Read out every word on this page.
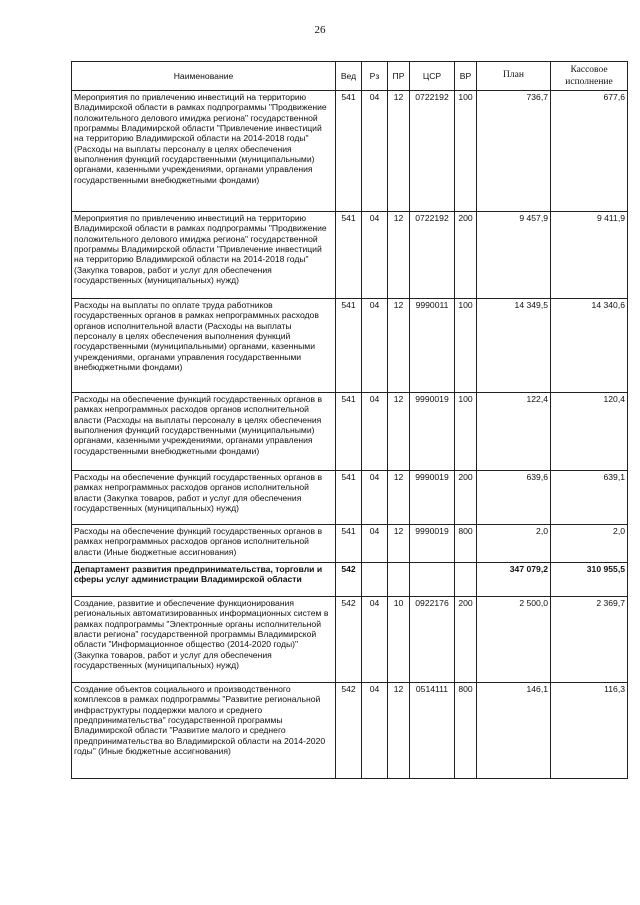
26
Наименование	Вед	Рз	ПР	ЦСР	ВР	План	Кассовое исполнение
Мероприятия по привлечению инвестиций на территорию Владимирской области в рамках подпрограммы "Продвижение положительного делового имиджа региона" государственной программы Владимирской области "Привлечение инвестиций на территорию Владимирской области на 2014-2018 годы" (Расходы на выплаты персоналу в целях обеспечения выполнения функций государственными (муниципальными) органами, казенными учреждениями, органами управления государственными внебюджетными фондами)	541	04	12	0722192	100	736,7	677,6
Мероприятия по привлечению инвестиций на территорию Владимирской области в рамках подпрограммы "Продвижение положительного делового имиджа региона" государственной программы Владимирской области "Привлечение инвестиций на территорию Владимирской области на 2014-2018 годы" (Закупка товаров, работ и услуг для обеспечения государственных (муниципальных) нужд)	541	04	12	0722192	200	9 457,9	9 411,9
Расходы на выплаты по оплате труда работников государственных органов в рамках непрограммных расходов органов исполнительной власти (Расходы на выплаты персоналу в целях обеспечения выполнения функций государственными (муниципальными) органами, казенными учреждениями, органами управления государственными внебюджетными фондами)	541	04	12	9990011	100	14 349,5	14 340,6
Расходы на обеспечение функций государственных органов в рамках непрограммных расходов органов исполнительной власти (Расходы на выплаты персоналу в целях обеспечения выполнения функций государственными (муниципальными) органами, казенными учреждениями, органами управления государственными внебюджетными фондами)	541	04	12	9990019	100	122,4	120,4
Расходы на обеспечение функций государственных органов в рамках непрограммных расходов органов исполнительной власти (Закупка товаров, работ и услуг для обеспечения государственных (муниципальных) нужд)	541	04	12	9990019	200	639,6	639,1
Расходы на обеспечение функций государственных органов в рамках непрограммных расходов органов исполнительной власти (Иные бюджетные ассигнования)	541	04	12	9990019	800	2,0	2,0
Департамент развития предпринимательства, торговли и сферы услуг администрации Владимирской области	542					347 079,2	310 955,5
Создание, развитие и обеспечение функционирования региональных автоматизированных информационных систем в рамках подпрограммы "Электронные органы исполнительной власти региона" государственной программы Владимирской области "Информационное общество (2014-2020 годы)" (Закупка товаров, работ и услуг для обеспечения государственных (муниципальных) нужд)	542	04	10	0922176	200	2 500,0	2 369,7
Создание объектов социального и производственного комплексов в рамках подпрограммы "Развитие региональной инфраструктуры поддержки малого и среднего предпринимательства" государственной программы Владимирской области "Развитие малого и среднего предпринимательства во Владимирской области на 2014-2020 годы" (Иные бюджетные ассигнования)	542	04	12	0514111	800	146,1	116,3
